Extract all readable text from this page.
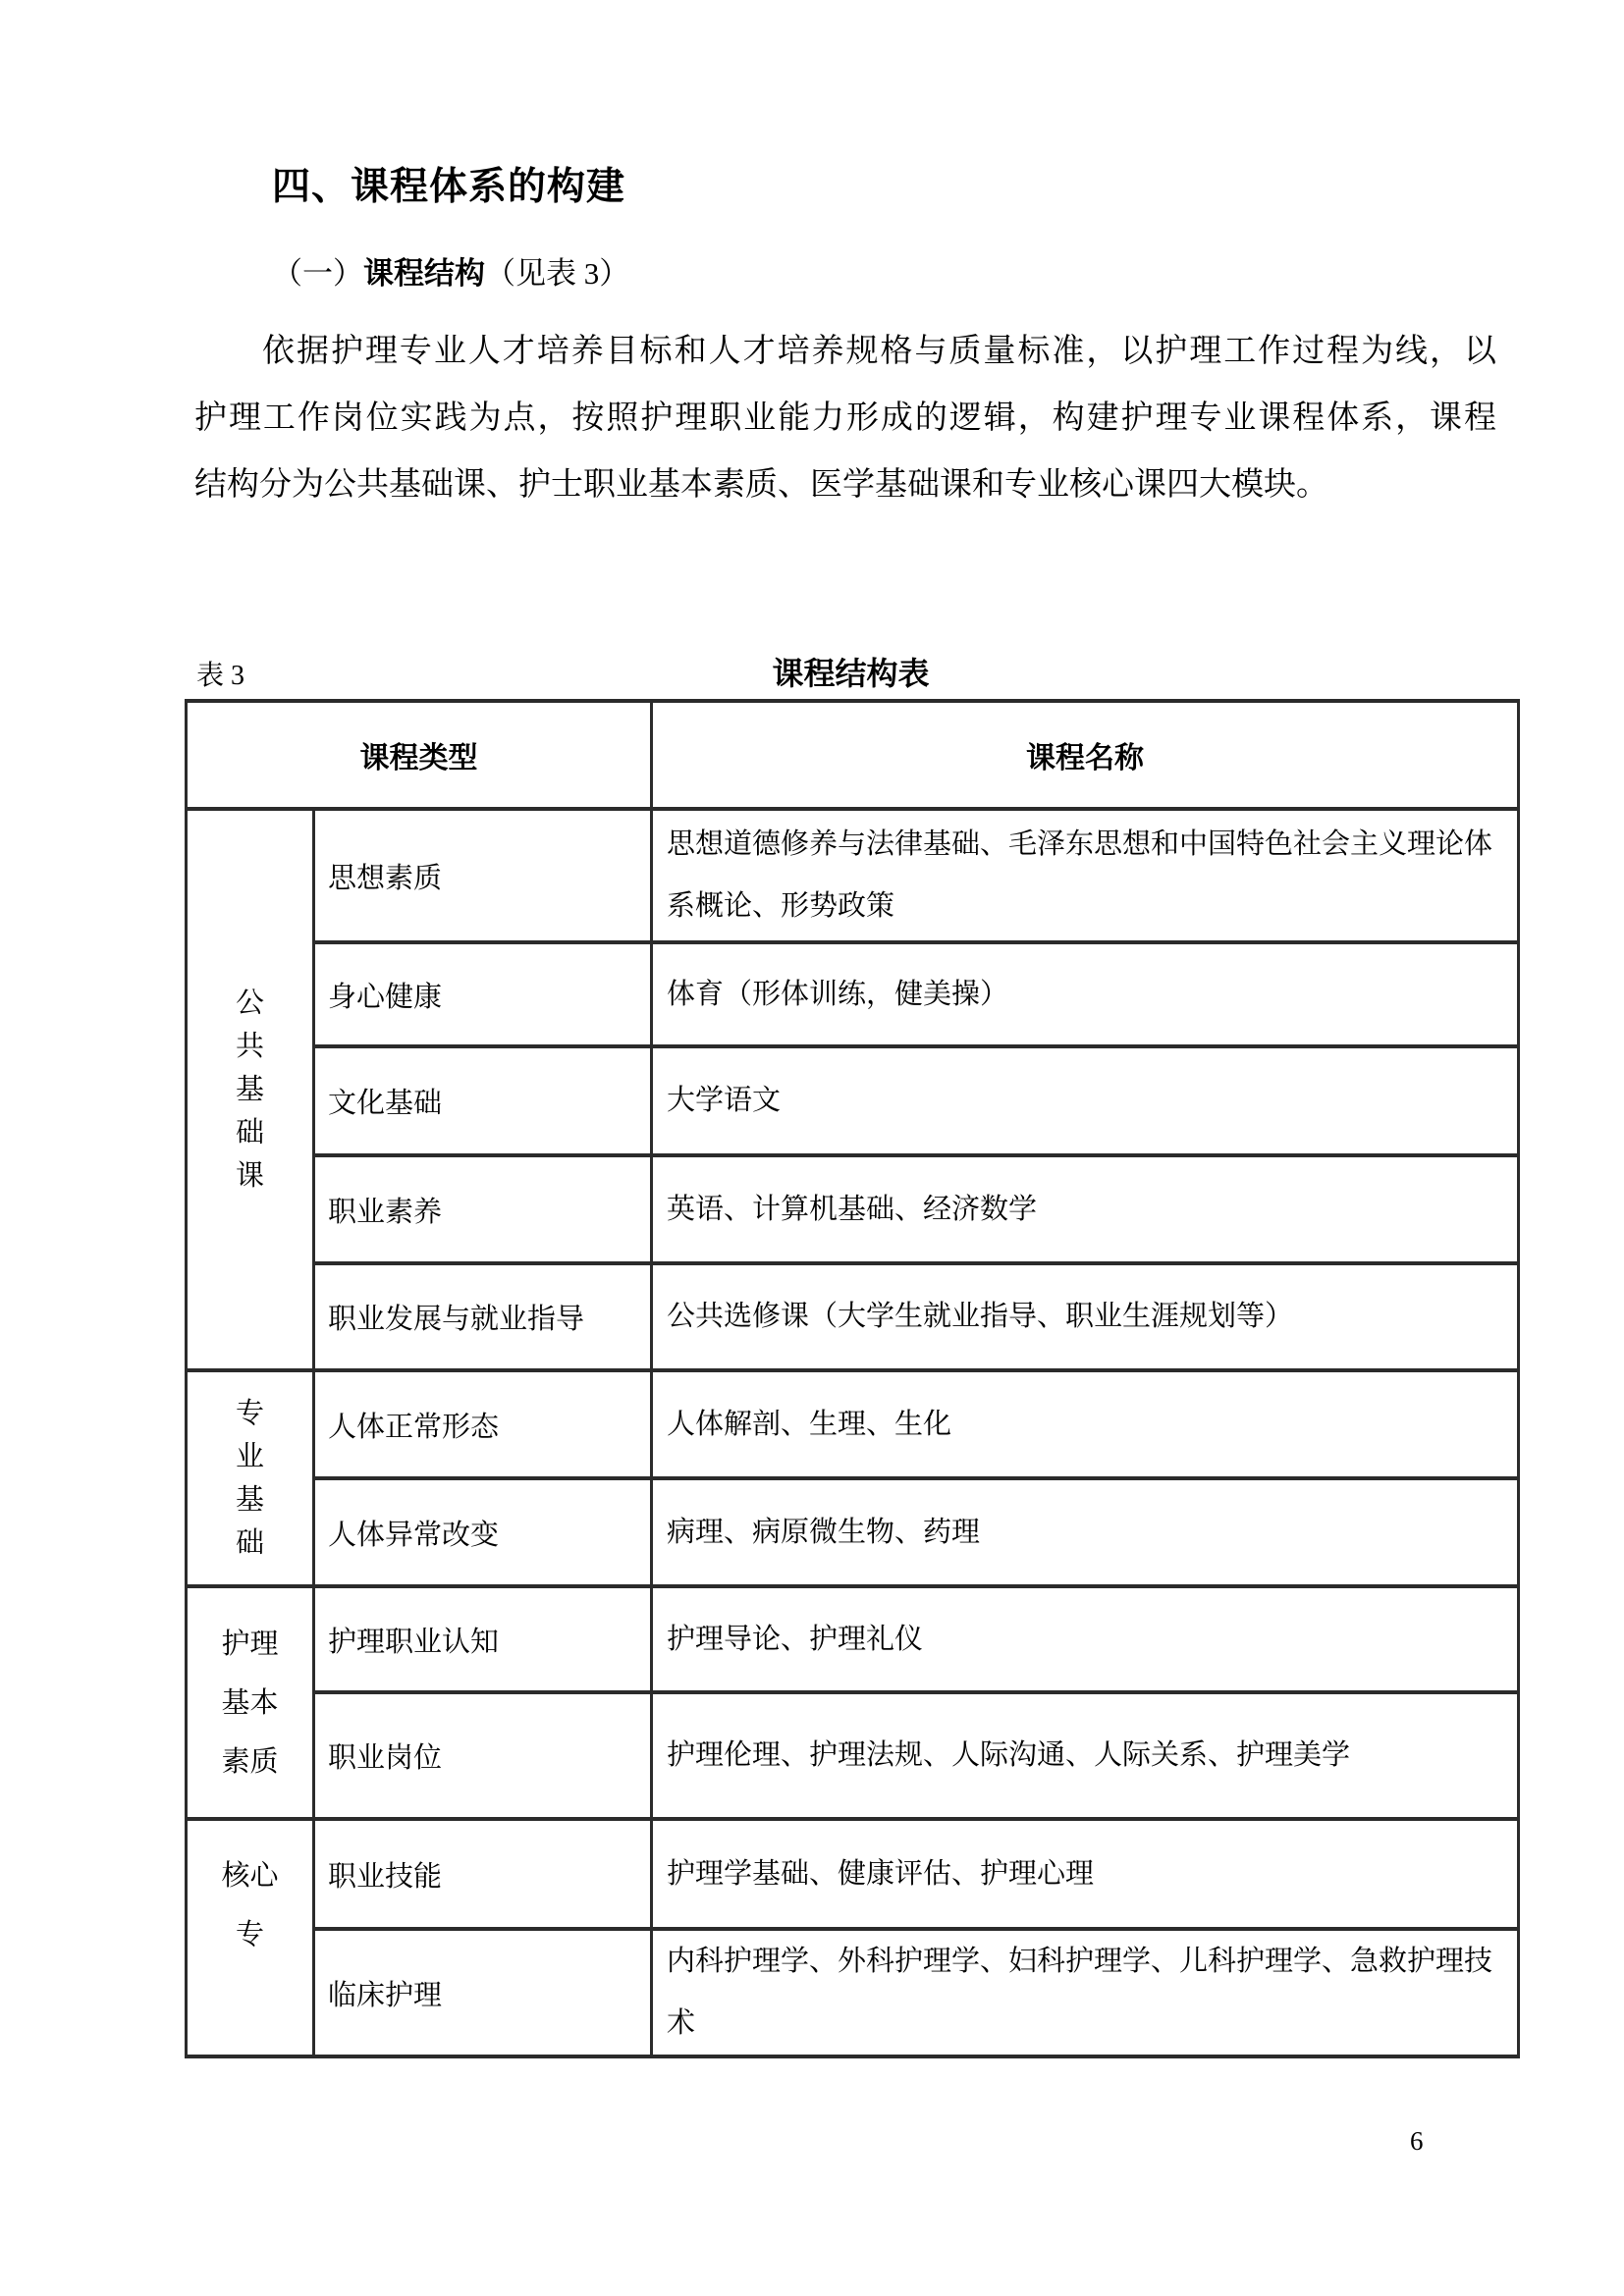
四、课程体系的构建
（一）课程结构（见表 3）
依据护理专业人才培养目标和人才培养规格与质量标准，以护理工作过程为线，以
护理工作岗位实践为点，按照护理职业能力形成的逻辑，构建护理专业课程体系，课程
结构分为公共基础课、护士职业基本素质、医学基础课和专业核心课四大模块。
表 3	课程结构表
课程类型		课程名称

公
共
基
础
课	思想素质	思想道德修养与法律基础、毛泽东思想和中国特色社会主义理论体系概论、形势政策
	身心健康	体育（形体训练，健美操）
	文化基础	大学语文
	职业素养	英语、计算机基础、经济数学
	职业发展与就业指导	公共选修课（大学生就业指导、职业生涯规划等）

专
业
基
础	人体正常形态	人体解剖、生理、生化
	人体异常改变	病理、病原微生物、药理

护理
基本
素质	护理职业认知	护理导论、护理礼仪
	职业岗位	护理伦理、护理法规、人际沟通、人际关系、护理美学

核心
专	职业技能	护理学基础、健康评估、护理心理
	临床护理	内科护理学、外科护理学、妇科护理学、儿科护理学、急救护理技术
6
